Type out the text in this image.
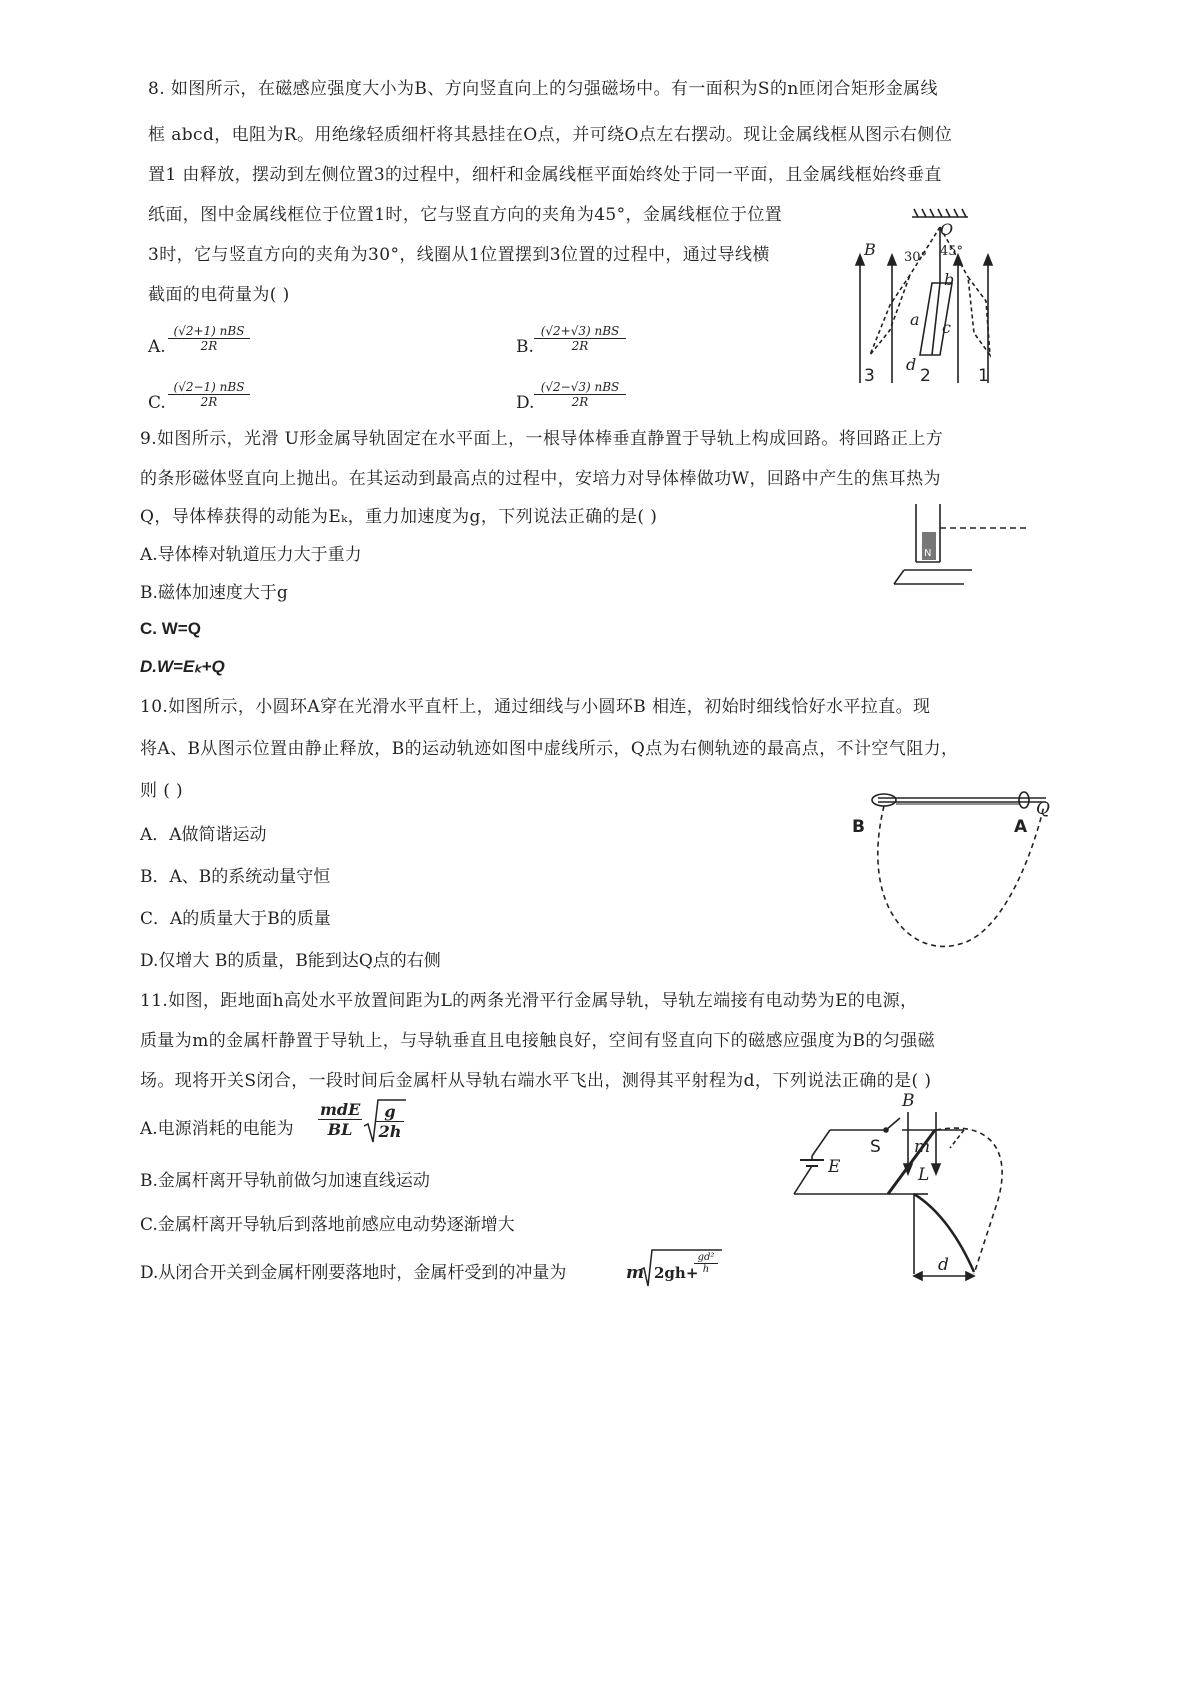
8. 如图所示，在磁感应强度大小为B、方向竖直向上的匀强磁场中。有一面积为S的n匝闭合矩形金属线
框 abcd，电阻为R。用绝缘轻质细杆将其悬挂在O点，并可绕O点左右摆动。现让金属线框从图示右侧位
置1 由释放，摆动到左侧位置3的过程中，细杆和金属线框平面始终处于同一平面，且金属线框始终垂直
纸面，图中金属线框位于位置1时，它与竖直方向的夹角为45°，金属线框位于位置
3时，它与竖直方向的夹角为30°，线圈从1位置摆到3位置的过程中，通过导线横
截面的电荷量为( )
A.
(√2+1) nBS
2R	B.
(√2+√3) nBS
2R
C.
(√2−1) nBS
2R	D.
(√2−√3) nBS
2R
B
O
b
a c
d
30° 45°
3	2	1
9.如图所示，光滑 U形金属导轨固定在水平面上，一根导体棒垂直静置于导轨上构成回路。将回路正上方
的条形磁体竖直向上抛出。在其运动到最高点的过程中，安培力对导体棒做功W，回路中产生的焦耳热为
Q，导体棒获得的动能为Eₖ，重力加速度为g，下列说法正确的是( )
A.导体棒对轨道压力大于重力
B.磁体加速度大于g
C. W=Q
D.W=Eₖ+Q
N
10.如图所示，小圆环A穿在光滑水平直杆上，通过细线与小圆环B 相连，初始时细线恰好水平拉直。现
将A、B从图示位置由静止释放，B的运动轨迹如图中虚线所示，Q点为右侧轨迹的最高点，不计空气阻力，
则 ( )
A．A做简谐运动
B．A、B的系统动量守恒
C．A的质量大于B的质量
D.仅增大 B的质量，B能到达Q点的右侧
B	A
Q
11.如图，距地面h高处水平放置间距为L的两条光滑平行金属导轨，导轨左端接有电动势为E的电源，
质量为m的金属杆静置于导轨上，与导轨垂直且电接触良好，空间有竖直向下的磁感应强度为B的匀强磁
场。现将开关S闭合，一段时间后金属杆从导轨右端水平飞出，测得其平射程为d，下列说法正确的是( )
A.电源消耗的电能为
mdE
BL	$\frac{g}{2h}$
B.金属杆离开导轨前做匀加速直线运动
C.金属杆离开导轨后到落地前感应电动势逐渐增大
D.从闭合开关到金属杆刚要落地时，金属杆受到的冲量为	m 2gh+
$\frac{\text{gd²}}{h}$
B
m
L
E
d
S
